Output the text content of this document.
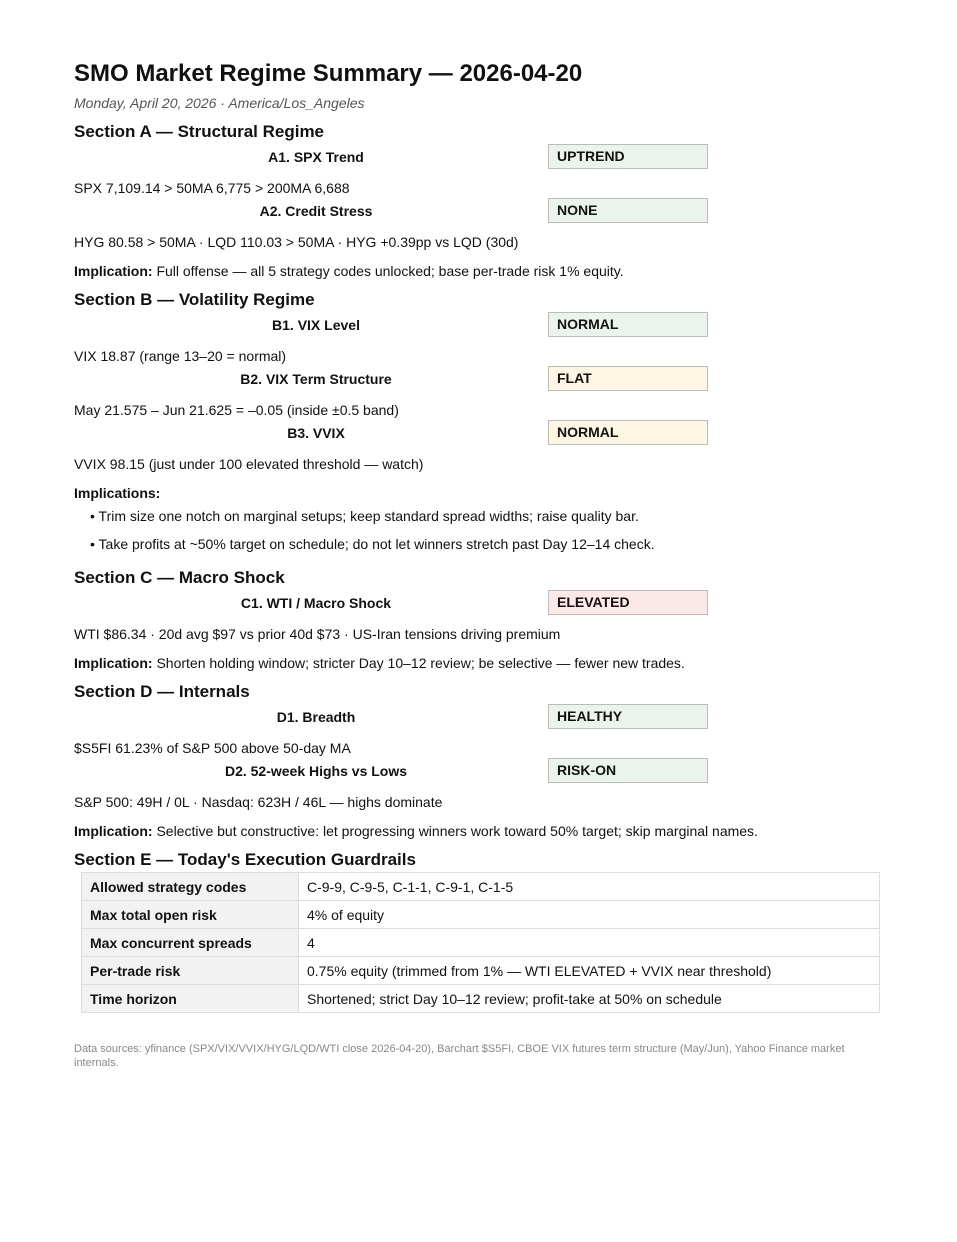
SMO Market Regime Summary — 2026-04-20
Monday, April 20, 2026 · America/Los_Angeles
Section A — Structural Regime
A1. SPX Trend	UPTREND
SPX 7,109.14 > 50MA 6,775 > 200MA 6,688
A2. Credit Stress	NONE
HYG 80.58 > 50MA · LQD 110.03 > 50MA · HYG +0.39pp vs LQD (30d)
Implication: Full offense — all 5 strategy codes unlocked; base per-trade risk 1% equity.
Section B — Volatility Regime
B1. VIX Level	NORMAL
VIX 18.87 (range 13–20 = normal)
B2. VIX Term Structure	FLAT
May 21.575 – Jun 21.625 = –0.05 (inside ±0.5 band)
B3. VVIX	NORMAL
VVIX 98.15 (just under 100 elevated threshold — watch)
Implications:
• Trim size one notch on marginal setups; keep standard spread widths; raise quality bar.
• Take profits at ~50% target on schedule; do not let winners stretch past Day 12–14 check.
Section C — Macro Shock
C1. WTI / Macro Shock	ELEVATED
WTI $86.34 · 20d avg $97 vs prior 40d $73 · US-Iran tensions driving premium
Implication: Shorten holding window; stricter Day 10–12 review; be selective — fewer new trades.
Section D — Internals
D1. Breadth	HEALTHY
$S5FI 61.23% of S&P 500 above 50-day MA
D2. 52-week Highs vs Lows	RISK-ON
S&P 500: 49H / 0L · Nasdaq: 623H / 46L — highs dominate
Implication: Selective but constructive: let progressing winners work toward 50% target; skip marginal names.
Section E — Today's Execution Guardrails
Allowed strategy codes	C-9-9, C-9-5, C-1-1, C-9-1, C-1-5
Max total open risk	4% of equity
Max concurrent spreads	4
Per-trade risk	0.75% equity (trimmed from 1% — WTI ELEVATED + VVIX near threshold)
Time horizon	Shortened; strict Day 10–12 review; profit-take at 50% on schedule
Data sources: yfinance (SPX/VIX/VVIX/HYG/LQD/WTI close 2026-04-20), Barchart $S5FI, CBOE VIX futures term structure (May/Jun), Yahoo Finance market internals.
